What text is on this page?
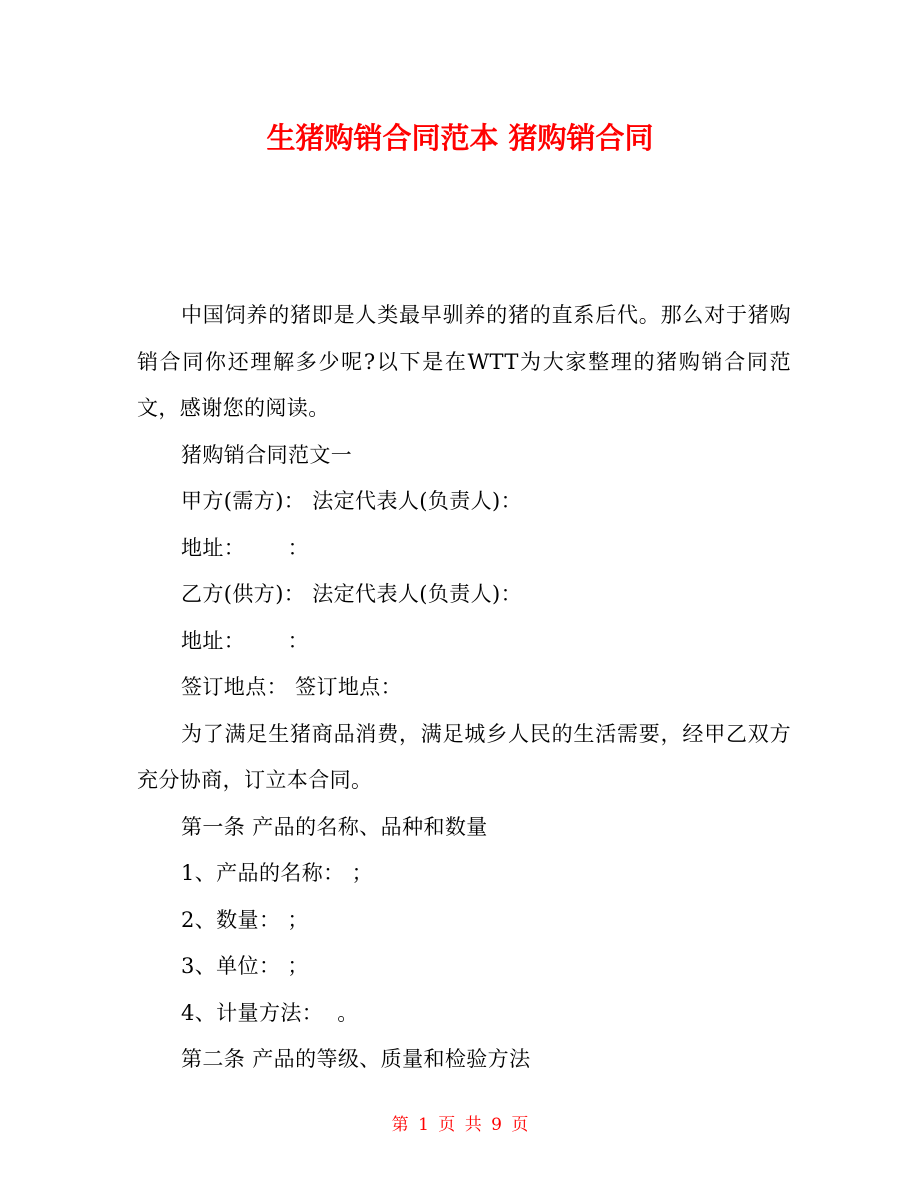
生猪购销合同范本 猪购销合同

中国饲养的猪即是人类最早驯养的猪的直系后代。那么对于猪购销合同你还理解多少呢?以下是在WTT为大家整理的猪购销合同范文，感谢您的阅读。

猪购销合同范文一

甲方(需方)： 法定代表人(负责人)：

地址：      ：

乙方(供方)： 法定代表人(负责人)：

地址：      ：

签订地点： 签订地点：

为了满足生猪商品消费，满足城乡人民的生活需要，经甲乙双方充分协商，订立本合同。

第一条 产品的名称、品种和数量

1、产品的名称： ；

2、数量： ；

3、单位： ；

4、计量方法：  。

第二条 产品的等级、质量和检验方法

第 1 页 共 9 页
